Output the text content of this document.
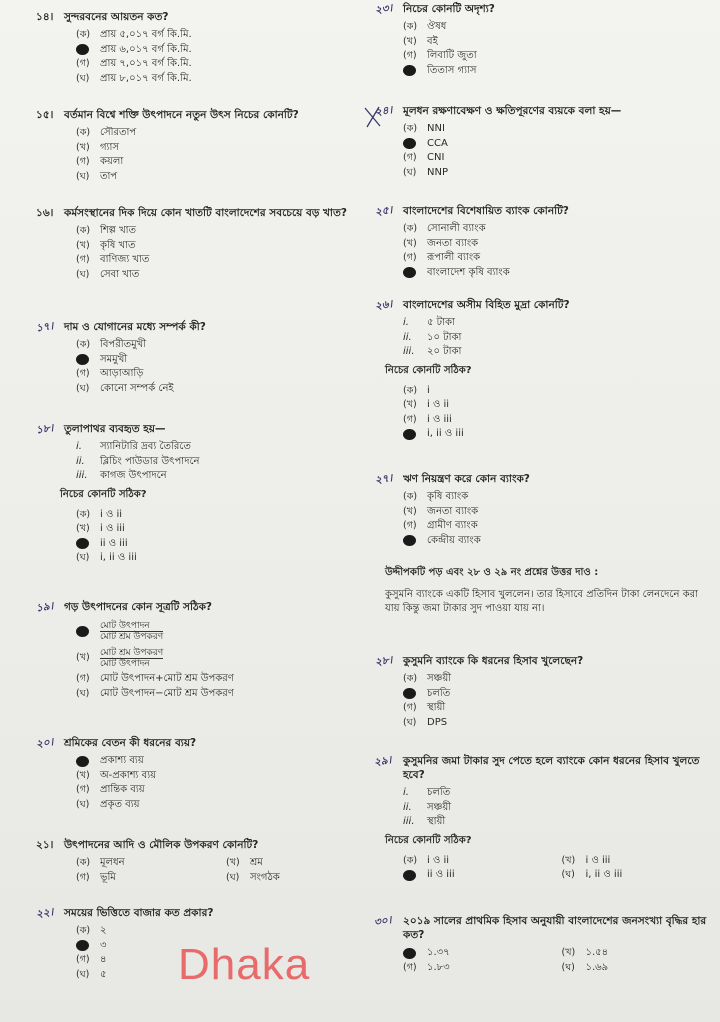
১৪।	সুন্দরবনের আয়তন কত?
(ক) প্রায় ৫,০১৭ বর্গ কি.মি.
প্রায় ৬,০১৭ বর্গ কি.মি.
(গ)	প্রায় ৭,০১৭ বর্গ কি.মি.
(ঘ)	প্রায় ৮,০১৭ বর্গ কি.মি.
১৫।	বর্তমান বিশ্বে শক্তি উৎপাদনে নতুন উৎস নিচের কোনটি?
(ক) সৌরতাপ
(খ)	গ্যাস
(গ)	কয়লা
(ঘ)	তাপ
১৬।	কর্মসংস্থানের দিক দিয়ে কোন খাতটি বাংলাদেশের সবচেয়ে বড় খাত?
(ক) শিল্প খাত
(খ)	কৃষি খাত
(গ)	বাণিজ্য খাত
(ঘ)	সেবা খাত
১৭। দাম ও যোগানের মধ্যে সম্পর্ক কী?
(ক) বিপরীতমুখী
সমমুখী
(গ)	আড়াআড়ি
(ঘ)	কোনো সম্পর্ক নেই
১৮। তুলাপাথর ব্যবহৃত হয়—
i.	স্যানিটারি দ্রব্য তৈরিতে
ii.	ব্লিচিং পাউডার উৎপাদনে
iii.	কাগজ উৎপাদনে
নিচের কোনটি সঠিক?
(ক) i ও ii
(খ)	i ও iii
ii ও iii
(ঘ)	i, ii ও iii
১৯। গড় উৎপাদনের কোন সূত্রটি সঠিক?
$\frac{\text{মোট উৎপাদন}}{\text{মোট শ্রম উপকরণ}}$
(খ)	$\frac{\text{মোট শ্রম উপকরণ}}{\text{মোট উৎপাদন}}$
(গ)	মোট উৎপাদন+মোট শ্রম উপকরণ
(ঘ)	মোট উৎপাদন−মোট শ্রম উপকরণ
২০। শ্রমিকের বেতন কী ধরনের ব্যয়?
প্রকাশ্য ব্যয়
(খ)	অ-প্রকাশ্য ব্যয়
(গ)	প্রান্তিক ব্যয়
(ঘ)	প্রকৃত ব্যয়
২১।	উৎপাদনের আদি ও মৌলিক উপকরণ কোনটি?
(ক) মূলধন	(খ)	শ্রম
(গ)	ভূমি	(ঘ)	সংগঠক
২২। সময়ের ভিত্তিতে বাজার কত প্রকার?
(ক) ২
৩
(গ)	৪
(ঘ)	৫
২৩। নিচের কোনটি অদৃশ্য?
(ক) ঔষধ
(খ)	বই
(গ)	লিবাটি জুতা
তিতাস গ্যাস
২৪। মূলধন রক্ষণাবেক্ষণ ও ক্ষতিপূরণের ব্যয়কে বলা হয়—
(ক) NNI
CCA
(গ)	CNI
(ঘ)	NNP
২৫। বাংলাদেশের বিশেষায়িত ব্যাংক কোনটি?
(ক) সোনালী ব্যাংক
(খ)	জনতা ব্যাংক
(গ)	রূপালী ব্যাংক
বাংলাদেশ কৃষি ব্যাংক
২৬। বাংলাদেশের অসীম বিহিত মুদ্রা কোনটি?
i.	৫ টাকা
ii.	১০ টাকা
iii.	২০ টাকা
নিচের কোনটি সঠিক?
(ক) i
(খ)	i ও ii
(গ)	i ও iii
i, ii ও iii
২৭। ঋণ নিয়ন্ত্রণ করে কোন ব্যাংক?
(ক) কৃষি ব্যাংক
(খ)	জনতা ব্যাংক
(গ)	গ্রামীণ ব্যাংক
কেন্দ্রীয় ব্যাংক
উদ্দীপকটি পড় এবং ২৮ ও ২৯ নং প্রশ্নের উত্তর দাও :
কুসুমনি ব্যাংকে একটি হিসাব খুললেন। তার হিসাবে প্রতিদিন টাকা লেনদেনে করা যায় কিন্তু জমা টাকার সুদ পাওয়া যায় না।
২৮। কুসুমনি ব্যাংকে কি ধরনের হিসাব খুলেছেন?
(ক) সঞ্চয়ী
চলতি
(গ)	স্থায়ী
(ঘ)	DPS
২৯।	কুসুমনির জমা টাকার সুদ পেতে হলে ব্যাংকে কোন ধরনের হিসাব খুলতে হবে?
i.	চলতি
ii.	সঞ্চয়ী
iii.	স্থায়ী
নিচের কোনটি সঠিক?
(ক) i ও ii	(খ)	i ও iii
ii ও iii	(ঘ)	i, ii ও iii
৩০।	২০১৯ সালের প্রাথমিক হিসাব অনুযায়ী বাংলাদেশের জনসংখ্যা বৃদ্ধির হার কত?
১.৩৭	(খ)	১.৫৪
(গ)	১.৮৩	(ঘ)	১.৬৯
Dhaka
